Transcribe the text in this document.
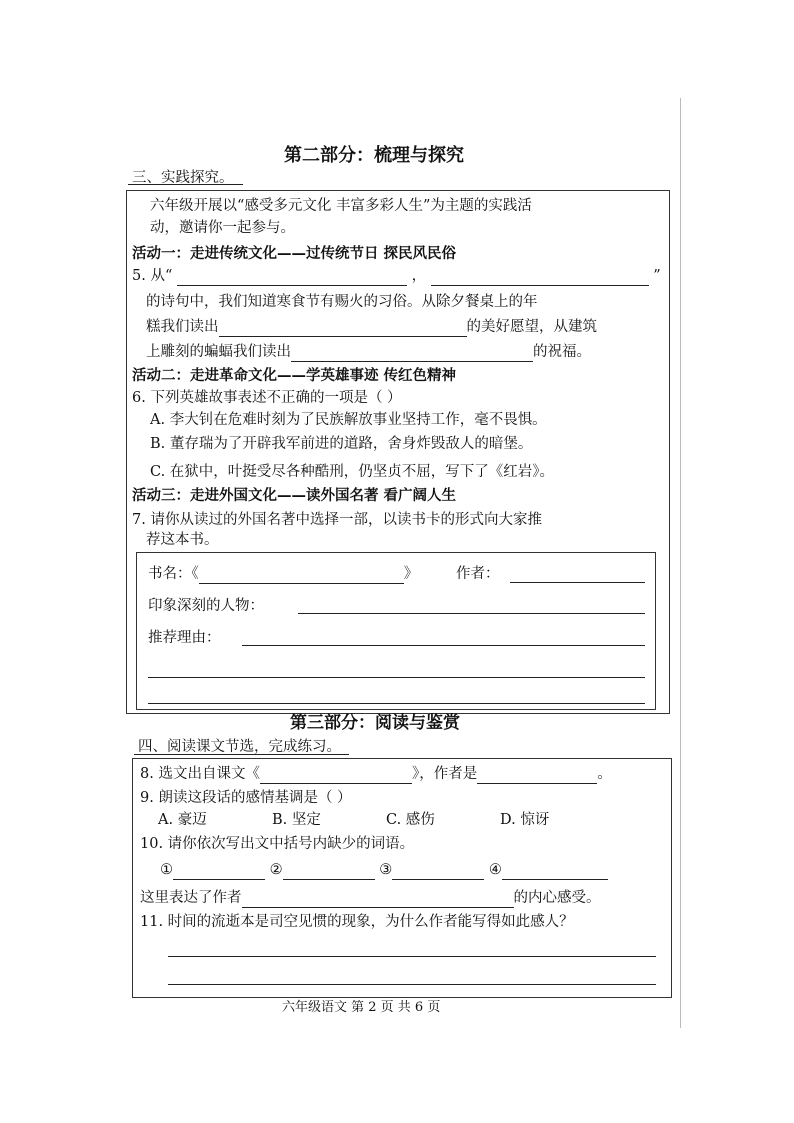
第二部分：梳理与探究
三、实践探究。
六年级开展以“感受多元文化 丰富多彩人生”为主题的实践活
动，邀请你一起参与。
活动一：走进传统文化——过传统节日 探民风民俗
5. 从“	，	”
的诗句中，我们知道寒食节有赐火的习俗。从除夕餐桌上的年
糕我们读出	的美好愿望，从建筑
上雕刻的蝙蝠我们读出	的祝福。
活动二：走进革命文化——学英雄事迹 传红色精神
6. 下列英雄故事表述不正确的一项是（ ）
A. 李大钊在危难时刻为了民族解放事业坚持工作，毫不畏惧。
B. 董存瑞为了开辟我军前进的道路，舍身炸毁敌人的暗堡。
C. 在狱中，叶挺受尽各种酷刑，仍坚贞不屈，写下了《红岩》。
活动三：走进外国文化——读外国名著 看广阔人生
7. 请你从读过的外国名著中选择一部，以读书卡的形式向大家推
荐这本书。
书名：《	》	作者：
印象深刻的人物：
推荐理由：
第三部分：阅读与鉴赏
四、阅读课文节选，完成练习。
8. 选文出自课文《	》，作者是	。
9. 朗读这段话的感情基调是（ ）
A. 豪迈	B. 坚定	C. 感伤	D. 惊讶
10. 请你依次写出文中括号内缺少的词语。
①	②	③	④
这里表达了作者	的内心感受。
11. 时间的流逝本是司空见惯的现象，为什么作者能写得如此感人？
六年级语文 第 2 页 共 6 页
